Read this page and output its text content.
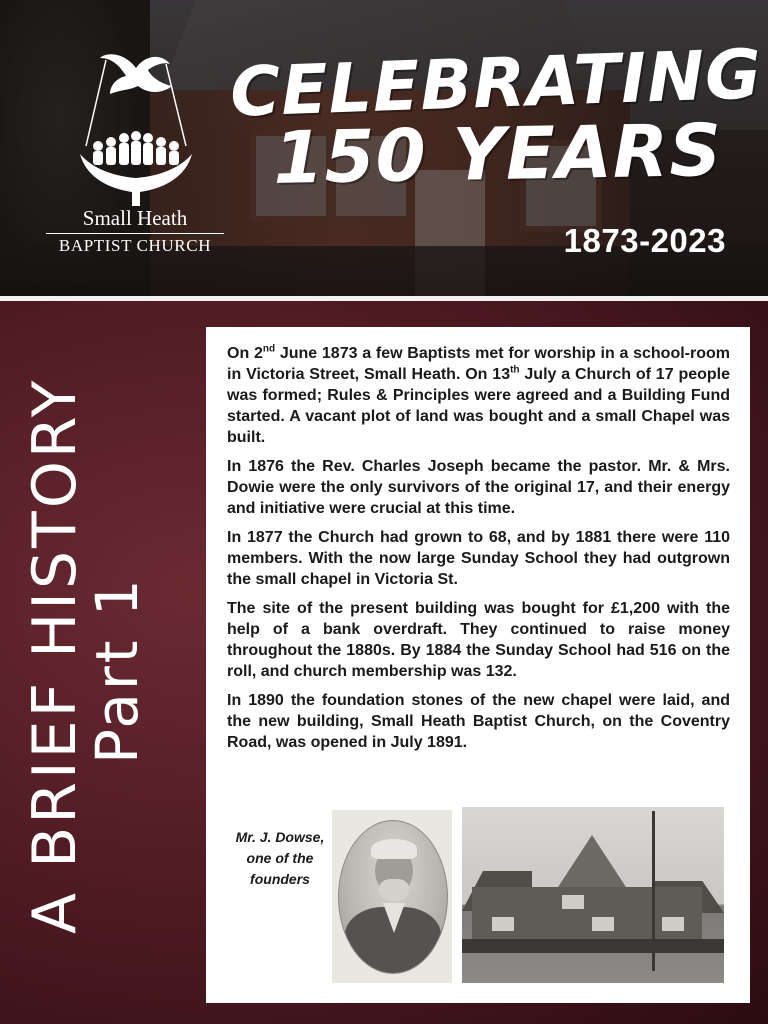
Small Heath
BAPTIST CHURCH
CELEBRATING
150 YEARS
1873-2023
A BRIEF HISTORY
Part 1

On 2nd June 1873 a few Baptists met for worship in a school-room in Victoria Street, Small Heath. On 13th July a Church of 17 people was formed; Rules & Principles were agreed and a Building Fund started. A vacant plot of land was bought and a small Chapel was built.

In 1876 the Rev. Charles Joseph became the pastor. Mr. & Mrs. Dowie were the only survivors of the original 17, and their energy and initiative were crucial at this time.

In 1877 the Church had grown to 68, and by 1881 there were 110 members. With the now large Sunday School they had outgrown the small chapel in Victoria St.

The site of the present building was bought for £1,200 with the help of a bank overdraft. They continued to raise money throughout the 1880s. By 1884 the Sunday School had 516 on the roll, and church membership was 132.

In 1890 the foundation stones of the new chapel were laid, and the new building, Small Heath Baptist Church, on the Coventry Road, was opened in July 1891.

Mr. J. Dowse, one of the founders
